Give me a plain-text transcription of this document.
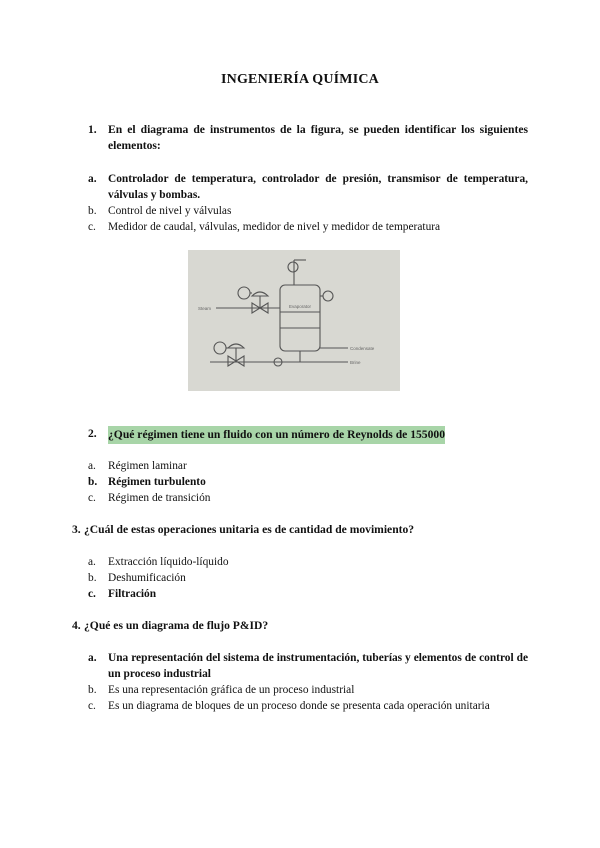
INGENIERÍA QUÍMICA
1. En el diagrama de instrumentos de la figura, se pueden identificar los siguientes elementos:
a. Controlador de temperatura, controlador de presión, transmisor de temperatura, válvulas y bombas.
b. Control de nivel y válvulas
c. Medidor de caudal, válvulas, medidor de nivel y medidor de temperatura
Steam	Evaporator
Condensate
Brine
2. ¿Qué régimen tiene un fluido con un número de Reynolds de 155000
a. Régimen laminar
b. Régimen turbulento
c. Régimen de transición
3. ¿Cuál de estas operaciones unitaria es de cantidad de movimiento?
a. Extracción líquido-líquido
b. Deshumificación
c. Filtración
4. ¿Qué es un diagrama de flujo P&ID?
a. Una representación del sistema de instrumentación, tuberías y elementos de control de un proceso industrial
b. Es una representación gráfica de un proceso industrial
c. Es un diagrama de bloques de un proceso donde se presenta cada operación unitaria
